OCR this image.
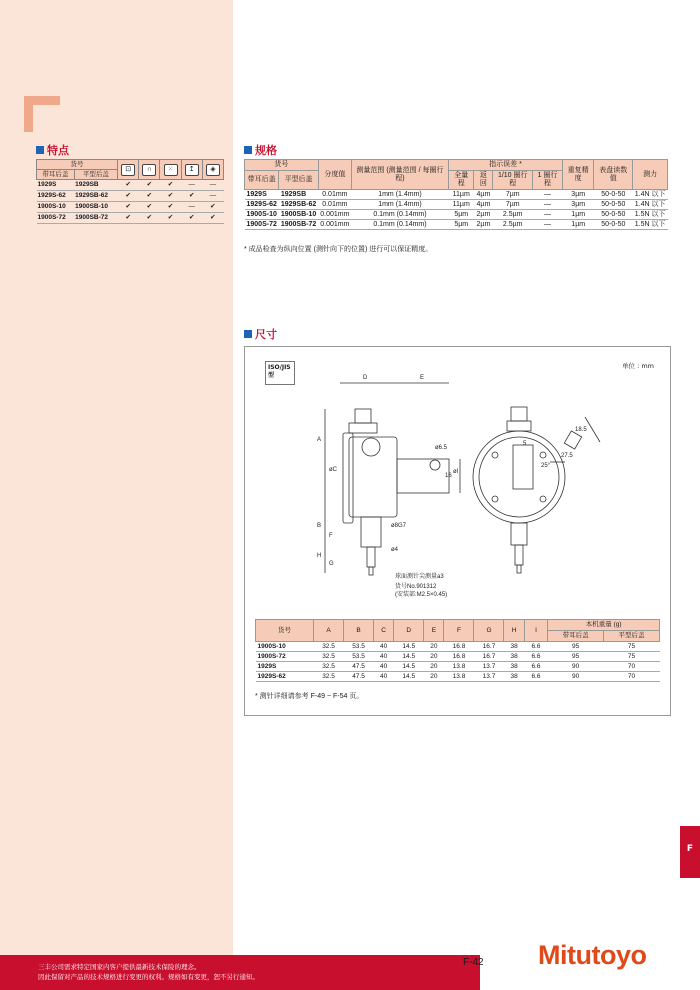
特点
货号		⊡	∩	⁙	↥	◈
带耳后盖	平型后盖					
1929S	1929SB	✔	✔	✔	—	—
1929S-62	1929SB-62	✔	✔	✔	✔	—
1900S-10	1900SB-10	✔	✔	✔	—	✔
1900S-72	1900SB-72	✔	✔	✔	✔	✔
规格
货号		分度值	测量范围 (测量范围 / 每圈行程)	指示误差 *				重复精度	表盘读数值	测力
带耳后盖	平型后盖			全量程	返回	1/10 圈行程	1 圈行程			
1929S	1929SB	0.01mm	1mm (1.4mm)	11µm	4µm	7µm	—	3µm	50-0-50	1.4N 以下
1929S-62	1929SB-62	0.01mm	1mm (1.4mm)	11µm	4µm	7µm	—	3µm	50-0-50	1.4N 以下
1900S-10	1900SB-10	0.001mm	0.1mm (0.14mm)	5µm	2µm	2.5µm	—	1µm	50-0-50	1.5N 以下
1900S-72	1900SB-72	0.001mm	0.1mm (0.14mm)	5µm	2µm	2.5µm	—	1µm	50-0-50	1.5N 以下
* 成品检查为纵向位置 (测针向下的位置) 进行可以保证精度。
尺寸
ISO/JIS 型
单位 : mm
D	E
A
øC
B
F
G
H
ø6.5
øI
16
ø8G7
ø4
5
25°
27.5
18.5
球面测针尖测量a3
货号No.901312
(安装部:M2.5×0.45)
货号	A	B	C	D	E	F	G	H	I	本机重量 (g)	
										带耳后盖	平型后盖
1900S-10	32.5	53.5	40	14.5	20	16.8	16.7	38	6.6	95	75
1900S-72	32.5	53.5	40	14.5	20	16.8	16.7	38	6.6	95	75
1929S	32.5	47.5	40	14.5	20	13.8	13.7	38	6.6	90	70
1929S-62	32.5	47.5	40	14.5	20	13.8	13.7	38	6.6	90	70
* 测针详细请参考 F-49 ~ F-54 页。
F
三丰公司需求特定国家内客户提供最新技术保险的理念。
因此保留对产品的技术规格进行变更的权利。规格如有变更，恕不另行通知。
F-42 Mitutoyo
